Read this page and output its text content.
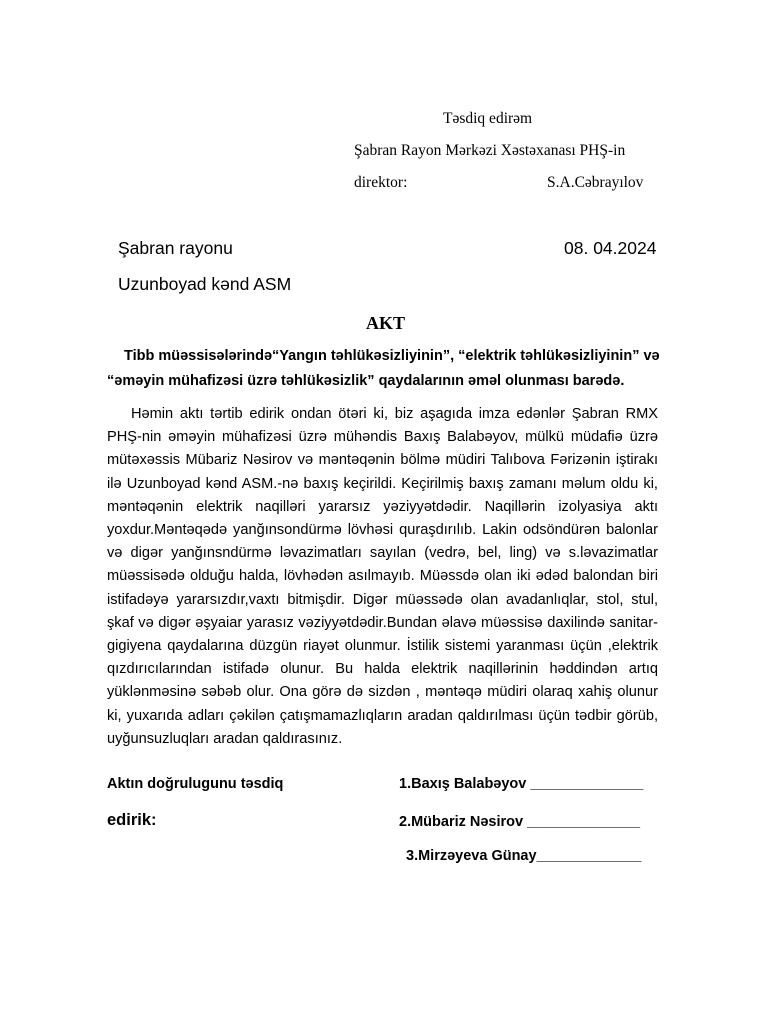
Təsdiq edirəm
Şabran Rayon Mərkəzi Xəstəxanası PHŞ-in
direktor:	S.A.Cəbrayılov
Şabran rayonu	08. 04.2024
Uzunboyad kənd ASM
AKT
Tibb müəssisələrində“Yangın təhlükəsizliyinin”, “elektrik təhlükəsizliyinin” və
“əməyin mühafizəsi üzrə təhlükəsizlik” qaydalarının əməl olunması barədə.
Həmin aktı tərtib edirik ondan ötəri ki, biz aşagıda imza edənlər Şabran RMX PHŞ-nin əməyin mühafizəsi üzrə mühəndis Baxış Balabəyov, mülkü müdafiə üzrə mütəxəssis Mübariz Nəsirov və məntəqənin bölmə müdiri Talıbova Fərizənin iştirakı ilə Uzunboyad kənd ASM.-nə baxış keçirildi. Keçirilmiş baxış zamanı məlum oldu ki, məntəqənin elektrik naqilləri yararsız yəziyyətdədir. Naqillərin izolyasiya aktı yoxdur.Məntəqədə yanğınsondürmə lövhəsi quraşdırılıb. Lakin odsöndürən balonlar və digər yanğınsndürmə ləvazimatları sayılan (vedrə, bel, ling) və s.ləvazimatlar müəssisədə olduğu halda, lövhədən asılmayıb. Müəssdə olan iki ədəd balondan biri istifadəyə yararsızdır,vaxtı bitmişdir. Digər müəssədə olan avadanlıqlar, stol, stul, şkaf və digər əşyaiar yarasız vəziyyətdədir.Bundan əlavə müəssisə daxilində sanitar-gigiyena qaydalarına düzgün riayət olunmur. İstilik sistemi yaranması üçün ,elektrik qızdırıcılarından istifadə olunur. Bu halda elektrik naqillərinin həddindən artıq yüklənməsinə səbəb olur. Ona görə də sizdən , məntəqə müdiri olaraq xahiş olunur ki, yuxarıda adları çəkilən çatışmamazlıqların aradan qaldırılması üçün tədbir görüb, uyğunsuzluqları aradan qaldırasınız.
Aktın doğrulugunu təsdiq
edirik:
1.Baxış Balabəyov ______________
2.Mübariz Nəsirov ______________
3.Mirzəyeva Günay_____________
